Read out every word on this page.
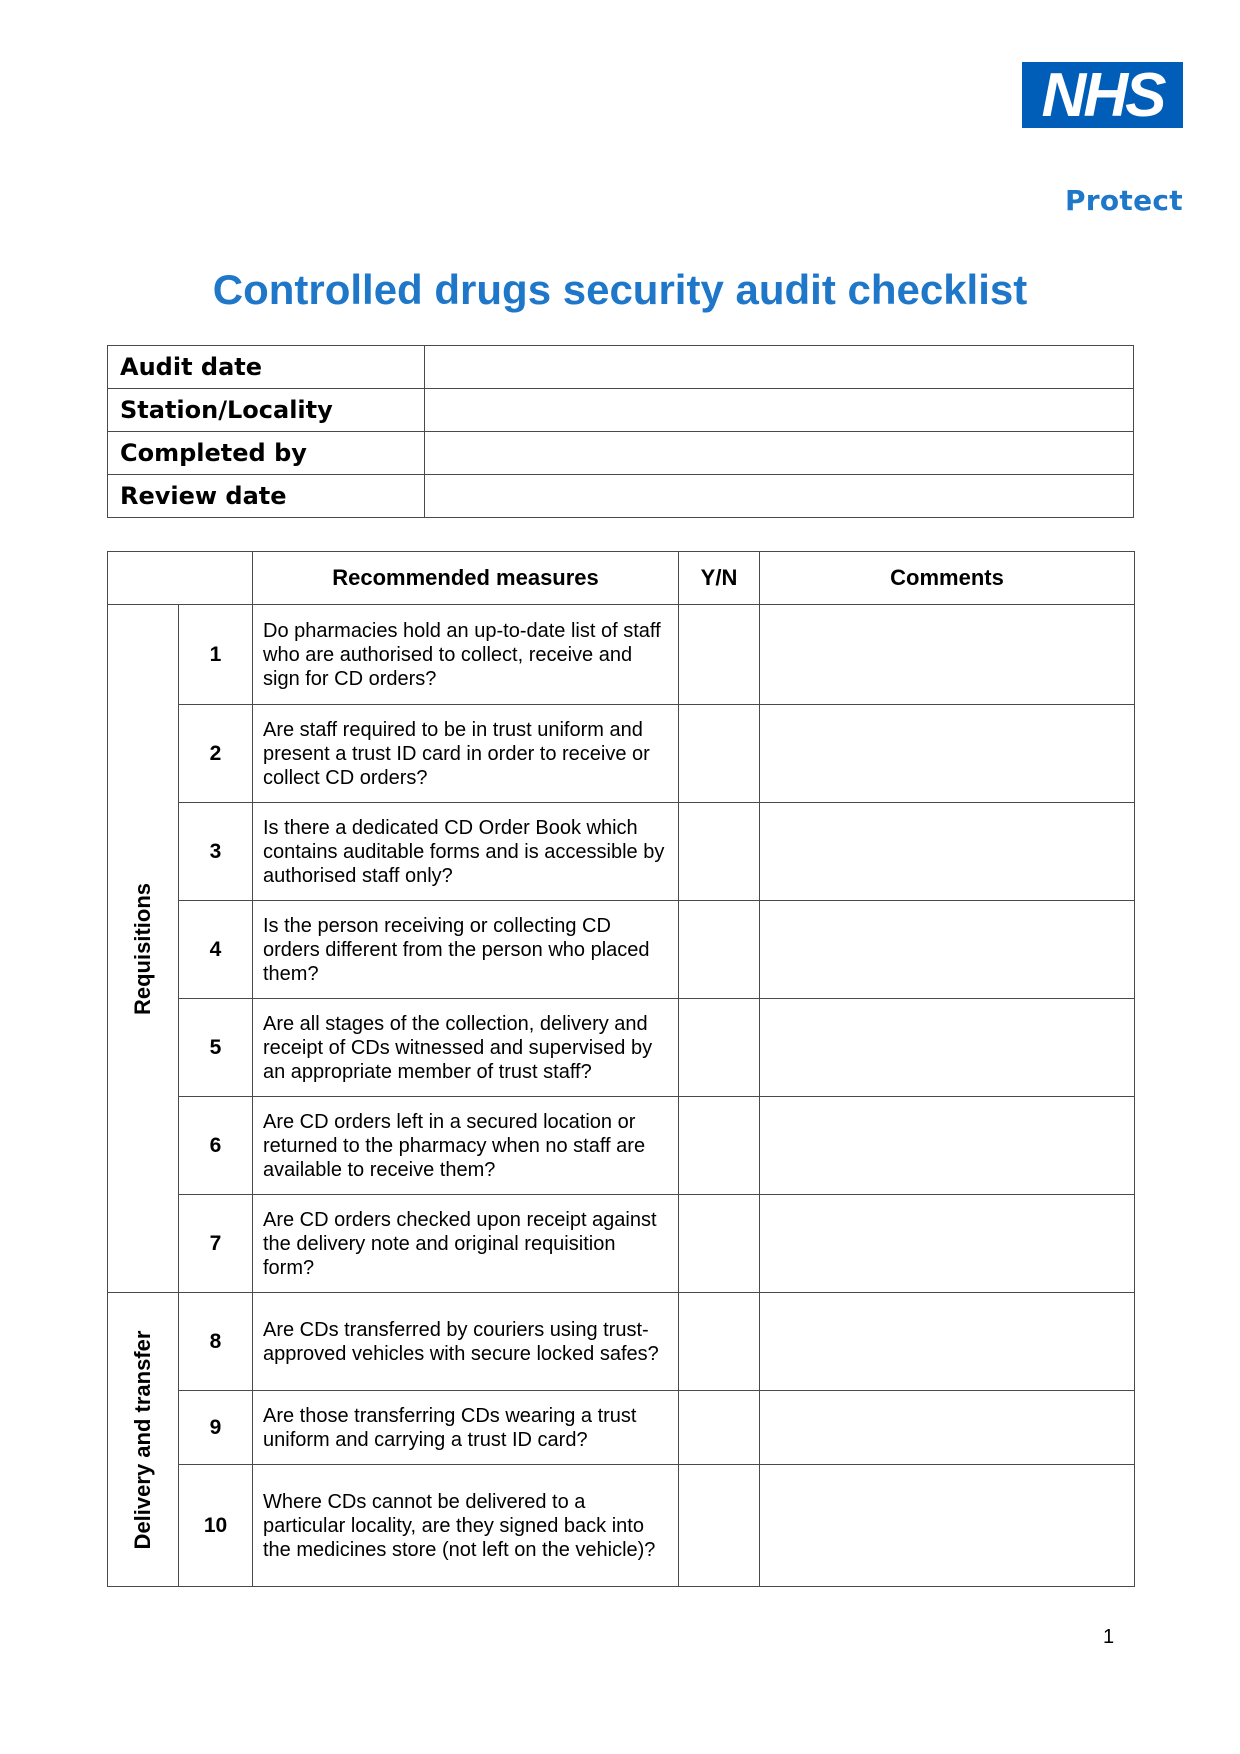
NHS
Protect
Controlled drugs security audit checklist
Audit date	
Station/Locality	
Completed by	
Review date	
		Recommended measures	Y/N	Comments

Requisitions	1	Do pharmacies hold an up-to-date list of staff who are authorised to collect, receive and sign for CD orders?		
	2	Are staff required to be in trust uniform and present a trust ID card in order to receive or collect CD orders?		
	3	Is there a dedicated CD Order Book which contains auditable forms and is accessible by authorised staff only?		
	4	Is the person receiving or collecting CD orders different from the person who placed them?		
	5	Are all stages of the collection, delivery and receipt of CDs witnessed and supervised by an appropriate member of trust staff?		
	6	Are CD orders left in a secured location or returned to the pharmacy when no staff are available to receive them?		
	7	Are CD orders checked upon receipt against the delivery note and original requisition form?		

Delivery and transfer	8	Are CDs transferred by couriers using trust-approved vehicles with secure locked safes?		
	9	Are those transferring CDs wearing a trust uniform and carrying a trust ID card?		
	10	Where CDs cannot be delivered to a particular locality, are they signed back into the medicines store (not left on the vehicle)?		
1
